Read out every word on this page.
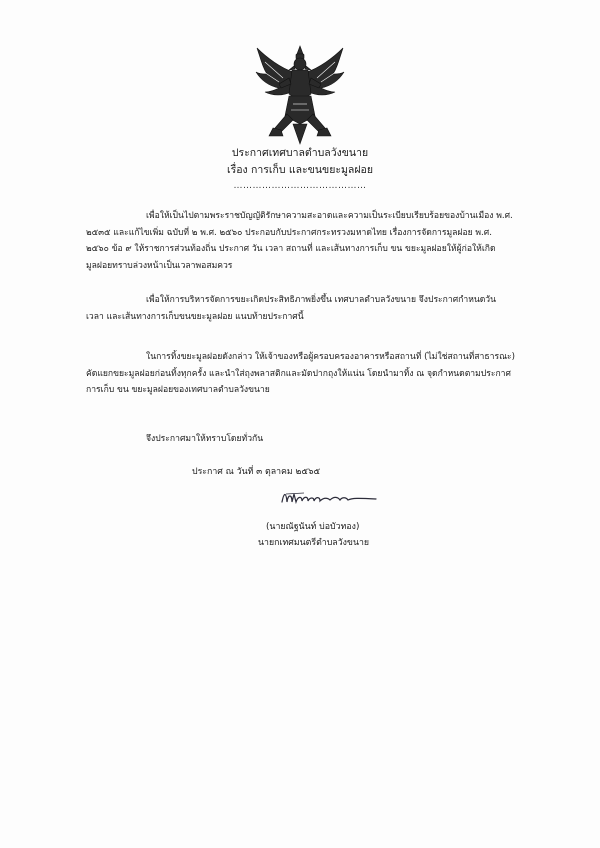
ประกาศเทศบาลตำบลวังขนาย
เรื่อง การเก็บ และขนขยะมูลฝอย
……………………………………

เพื่อให้เป็นไปตามพระราชบัญญัติรักษาความสะอาดและความเป็นระเบียบเรียบร้อยของบ้านเมือง พ.ศ. ๒๕๓๕ และแก้ไขเพิ่ม ฉบับที่ ๒ พ.ศ. ๒๕๖๐ ประกอบกับประกาศกระทรวงมหาดไทย เรื่องการจัดการมูลฝอย พ.ศ. ๒๕๖๐ ข้อ ๙ ให้ราชการส่วนท้องถิ่น ประกาศ วัน เวลา สถานที่ และเส้นทางการเก็บ ขน ขยะมูลฝอยให้ผู้ก่อให้เกิดมูลฝอยทราบล่วงหน้าเป็นเวลาพอสมควร

เพื่อให้การบริหารจัดการขยะเกิดประสิทธิภาพยิ่งขึ้น เทศบาลตำบลวังขนาย จึงประกาศกำหนดวัน เวลา และเส้นทางการเก็บขนขยะมูลฝอย แนบท้ายประกาศนี้

ในการทิ้งขยะมูลฝอยดังกล่าว ให้เจ้าของหรือผู้ครอบครองอาคารหรือสถานที่ (ไม่ใช่สถานที่สาธารณะ) คัดแยกขยะมูลฝอยก่อนทิ้งทุกครั้ง และนำใส่ถุงพลาสติกและมัดปากถุงให้แน่น โดยนำมาทิ้ง ณ จุดกำหนดตามประกาศการเก็บ ขน ขยะมูลฝอยของเทศบาลตำบลวังขนาย

จึงประกาศมาให้ทราบโดยทั่วกัน

ประกาศ ณ วันที่ ๓ ตุลาคม ๒๕๖๕
(นายณัฐนันท์ บ่อบัวทอง)
นายกเทศมนตรีตำบลวังขนาย
